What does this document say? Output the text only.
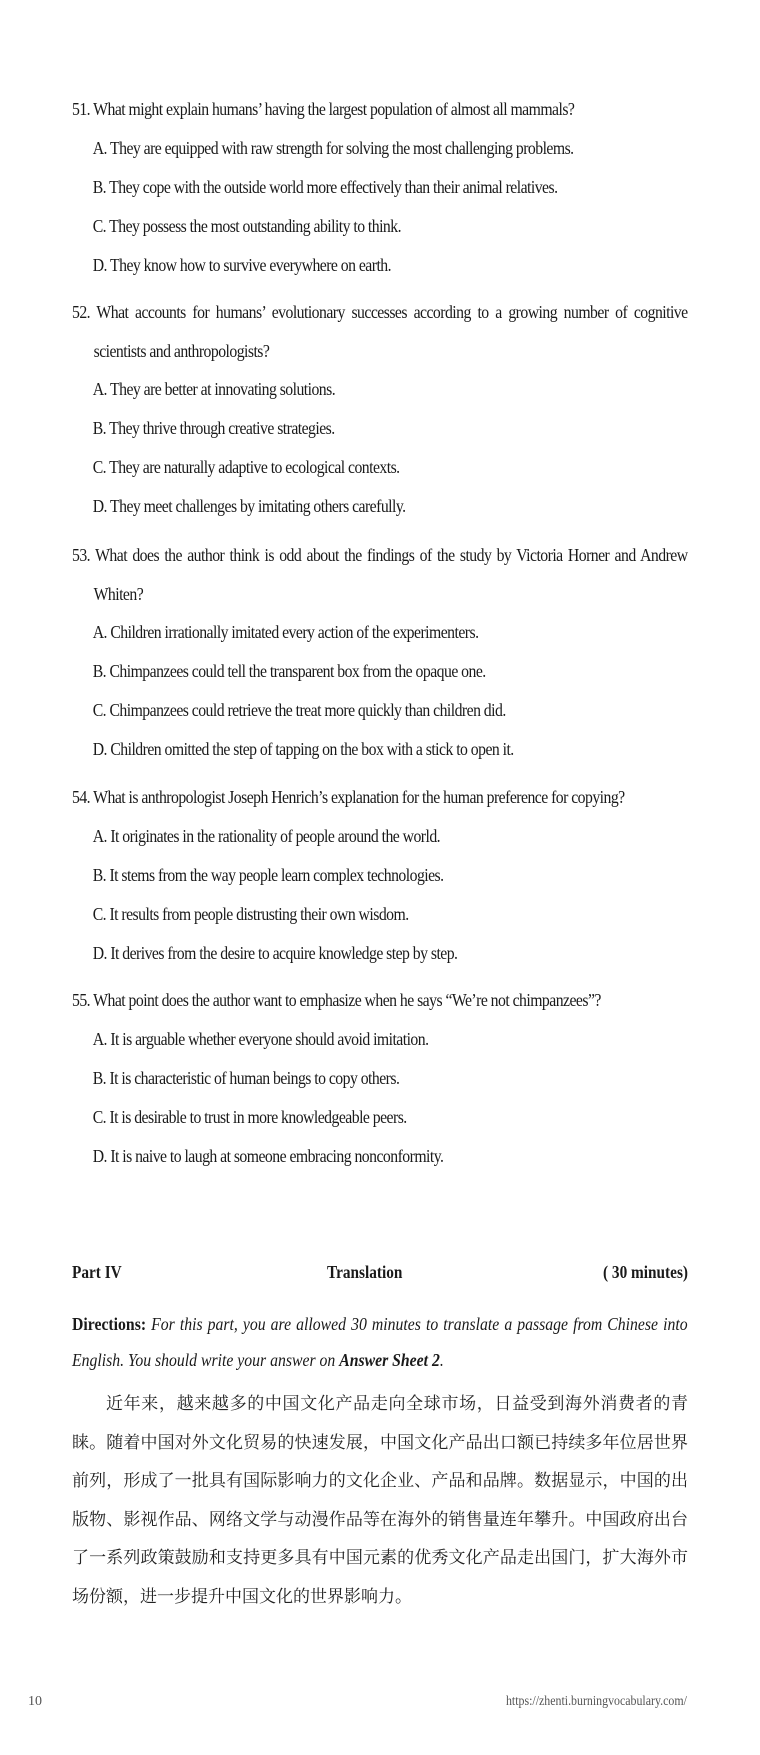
51. What might explain humans’ having the largest population of almost all mammals?
A. They are equipped with raw strength for solving the most challenging problems.
B. They cope with the outside world more effectively than their animal relatives.
C. They possess the most outstanding ability to think.
D. They know how to survive everywhere on earth.
52. What accounts for humans’ evolutionary successes according to a growing number of cognitive scientists and anthropologists?
A. They are better at innovating solutions.
B. They thrive through creative strategies.
C. They are naturally adaptive to ecological contexts.
D. They meet challenges by imitating others carefully.
53. What does the author think is odd about the findings of the study by Victoria Horner and Andrew Whiten?
A. Children irrationally imitated every action of the experimenters.
B. Chimpanzees could tell the transparent box from the opaque one.
C. Chimpanzees could retrieve the treat more quickly than children did.
D. Children omitted the step of tapping on the box with a stick to open it.
54. What is anthropologist Joseph Henrich’s explanation for the human preference for copying?
A. It originates in the rationality of people around the world.
B. It stems from the way people learn complex technologies.
C. It results from people distrusting their own wisdom.
D. It derives from the desire to acquire knowledge step by step.
55. What point does the author want to emphasize when he says “We’re not chimpanzees”?
A. It is arguable whether everyone should avoid imitation.
B. It is characteristic of human beings to copy others.
C. It is desirable to trust in more knowledgeable peers.
D. It is naive to laugh at someone embracing nonconformity.
Part IV	Translation	( 30 minutes)
Directions: For this part, you are allowed 30 minutes to translate a passage from Chinese into English. You should write your answer on Answer Sheet 2.
近年来，越来越多的中国文化产品走向全球市场，日益受到海外消费者的青睐。随着中国对外文化贸易的快速发展，中国文化产品出口额已持续多年位居世界前列，形成了一批具有国际影响力的文化企业、产品和品牌。数据显示，中国的出版物、影视作品、网络文学与动漫作品等在海外的销售量连年攀升。中国政府出台了一系列政策鼓励和支持更多具有中国元素的优秀文化产品走出国门，扩大海外市场份额，进一步提升中国文化的世界影响力。
10	https://zhenti.burningvocabulary.com/
